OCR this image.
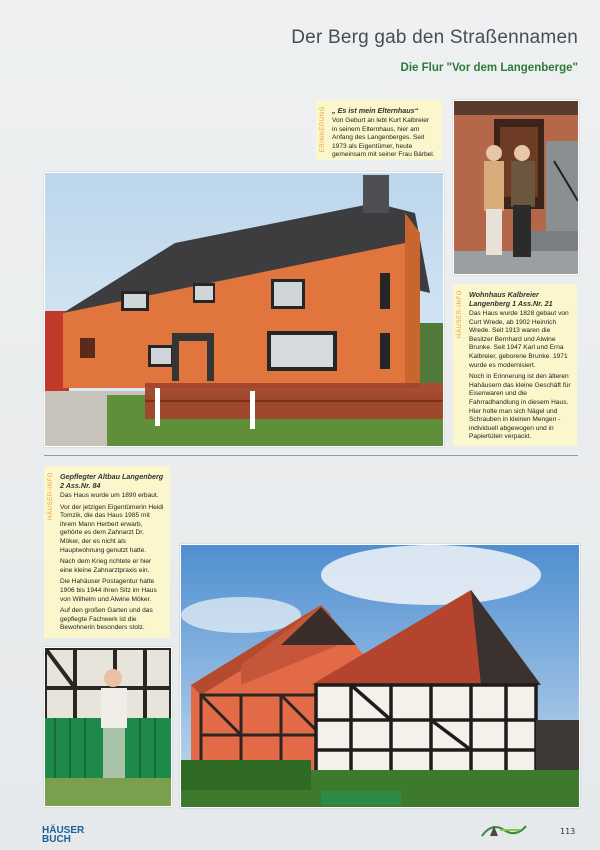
Der Berg gab den Straßennamen
Die Flur "Vor dem Langenberge"
ERINNERUNG „ Es ist mein Elternhaus“

Von Geburt an lebt Kurt Kalbreier in seinem Elternhaus, hier am Anfang des Langenberges. Seit 1973 als Eigentümer, heute gemeinsam mit seiner Frau Bärbel.

HÄUSER-INFO Wohnhaus Kalbreier Langenberg 1 Ass.Nr. 21

Das Haus wurde 1828 gebaut von Curt Wrede, ab 1902 Heinrich Wrede. Seit 1913 waren die Besitzer Bernhard und Alwine Brunke. Seit 1947 Karl und Erna Kalbreier, geborene Brunke. 1971 wurde es modernisiert.

Noch in Erinnerung ist den älteren Hahäusern das kleine Geschäft für Eisenwaren und die Fahrradhandlung in diesem Haus. Hier holte man sich Nägel und Schrauben in kleinen Mengen - individuell abgewogen und in Papiertüten verpackt.

HÄUSER-INFO Gepflegter Altbau Langenberg 2 Ass.Nr. 84

Das Haus wurde um 1890 erbaut.

Vor der jetzigen Eigentümerin Heidi Tomzik, die das Haus 1985 mit ihrem Mann Herbert erwarb, gehörte es dem Zahnarzt Dr. Möker, der es nicht als Hauptwohnung genutzt hatte.

Nach dem Krieg richtete er hier eine kleine Zahnarztpraxis ein.

Die Hahäuser Postagentur hatte 1906 bis 1944 ihren Sitz im Haus von Wilhelm und Alwine Möker.

Auf den großen Garten und das gepflegte Fachwerk ist die Bewohnerin besonders stolz.

HÄUSER
BUCH
113
